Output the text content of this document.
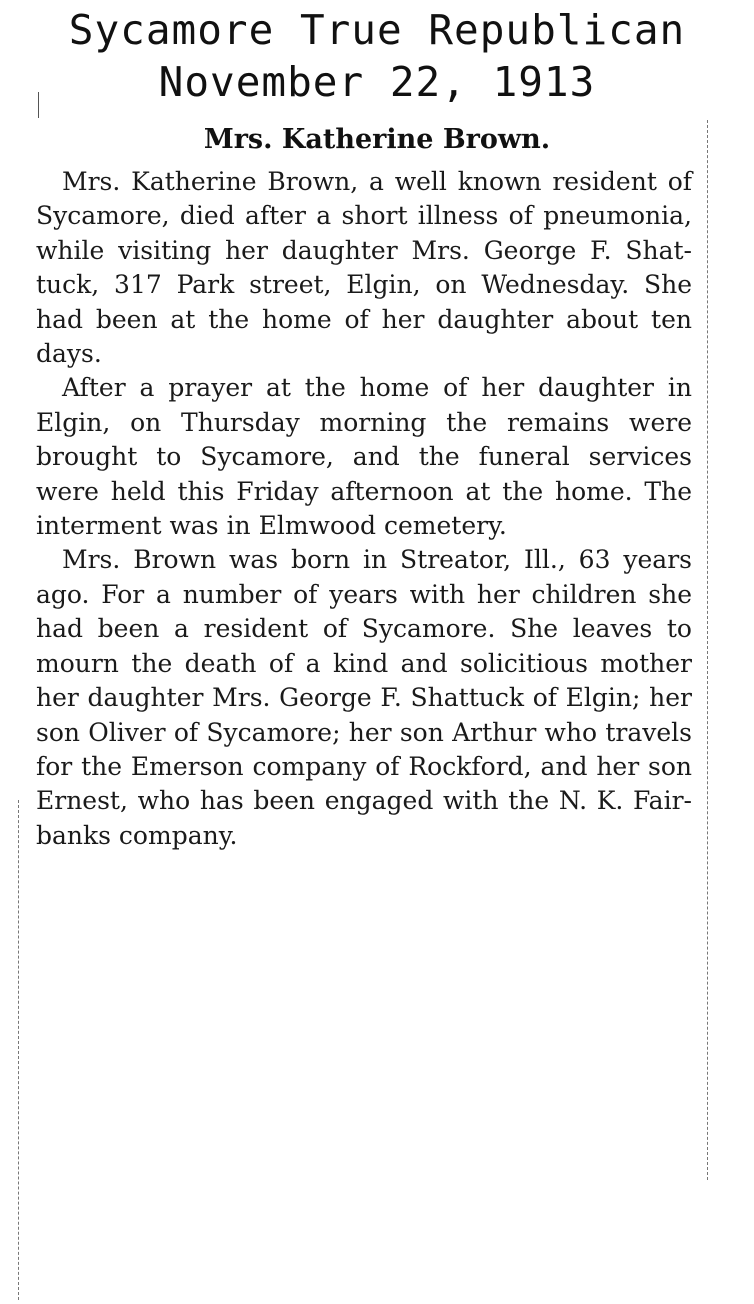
Sycamore True Republican
November 22, 1913
Mrs. Katherine Brown.

Mrs. Katherine Brown, a well known resident of Sycamore, died after a short illness of pneumonia, while visiting her daughter Mrs. George F. Shattuck, 317 Park street, Elgin, on Wednesday. She had been at the home of her daughter about ten days.

After a prayer at the home of her daughter in Elgin, on Thursday morning the remains were brought to Sycamore, and the funeral services were held this Friday afternoon at the home. The interment was in Elmwood cemetery.

Mrs. Brown was born in Streator, Ill., 63 years ago. For a number of years with her children she had been a resident of Sycamore. She leaves to mourn the death of a kind and solicitious mother her daughter Mrs. George F. Shattuck of Elgin; her son Oliver of Sycamore; her son Arthur who travels for the Emerson company of Rockford, and her son Ernest, who has been engaged with the N. K. Fairbanks company.
